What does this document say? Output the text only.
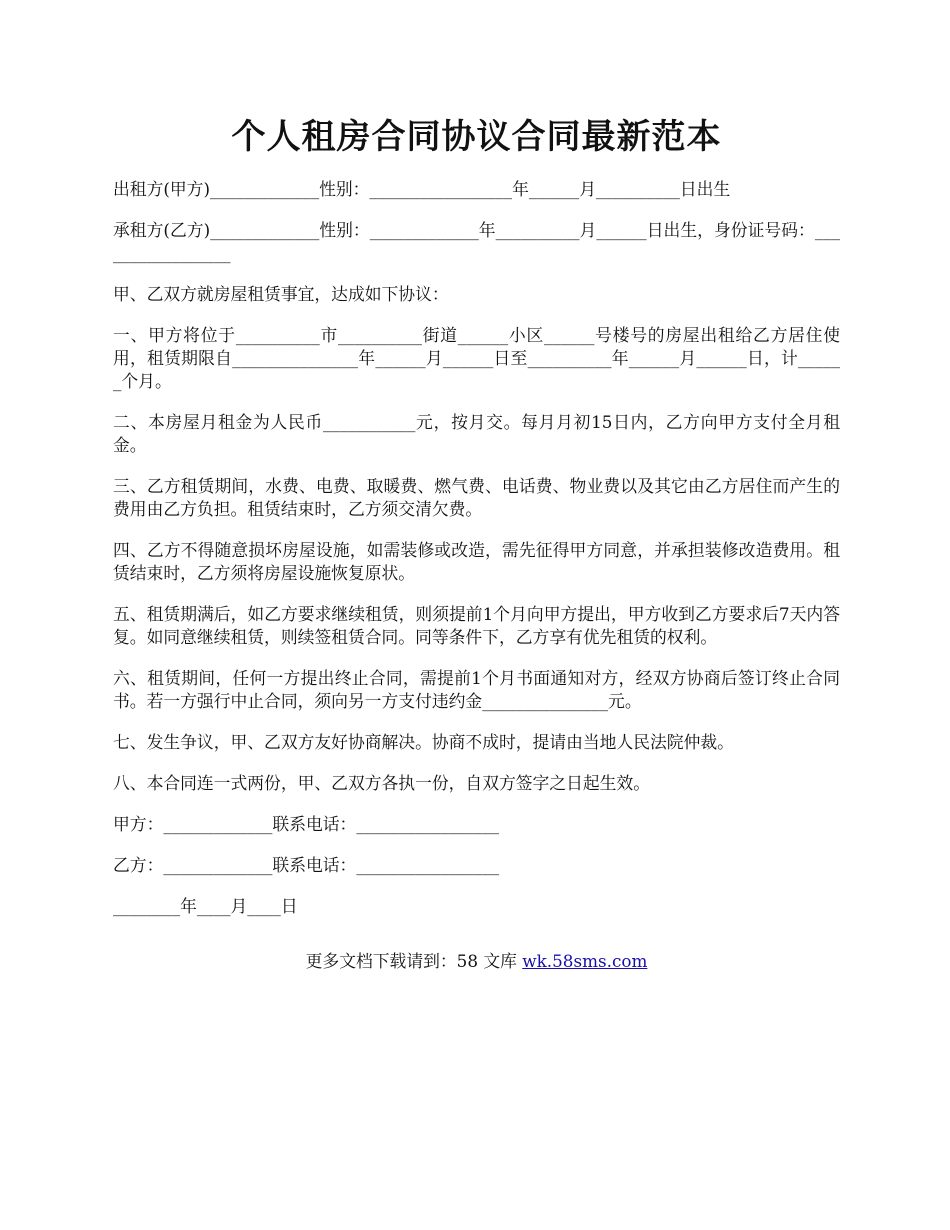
个人租房合同协议合同最新范本

出租方(甲方)_____________性别：_________________年______月__________日出生

承租方(乙方)_____________性别：_____________年__________月______日出生，身份证号码：_________________

甲、乙双方就房屋租赁事宜，达成如下协议：

一、甲方将位于__________市__________街道______小区______号楼号的房屋出租给乙方居住使用，租赁期限自_______________年______月______日至__________年______月______日，计______个月。

二、本房屋月租金为人民币___________元，按月交。每月月初15日内，乙方向甲方支付全月租金。

三、乙方租赁期间，水费、电费、取暖费、燃气费、电话费、物业费以及其它由乙方居住而产生的费用由乙方负担。租赁结束时，乙方须交清欠费。

四、乙方不得随意损坏房屋设施，如需装修或改造，需先征得甲方同意，并承担装修改造费用。租赁结束时，乙方须将房屋设施恢复原状。

五、租赁期满后，如乙方要求继续租赁，则须提前1个月向甲方提出，甲方收到乙方要求后7天内答复。如同意继续租赁，则续签租赁合同。同等条件下，乙方享有优先租赁的权利。

六、租赁期间，任何一方提出终止合同，需提前1个月书面通知对方，经双方协商后签订终止合同书。若一方强行中止合同，须向另一方支付违约金_______________元。

七、发生争议，甲、乙双方友好协商解决。协商不成时，提请由当地人民法院仲裁。

八、本合同连一式两份，甲、乙双方各执一份，自双方签字之日起生效。

甲方：_____________联系电话：_________________

乙方：_____________联系电话：_________________

________年____月____日

更多文档下载请到：58 文库 wk.58sms.com
